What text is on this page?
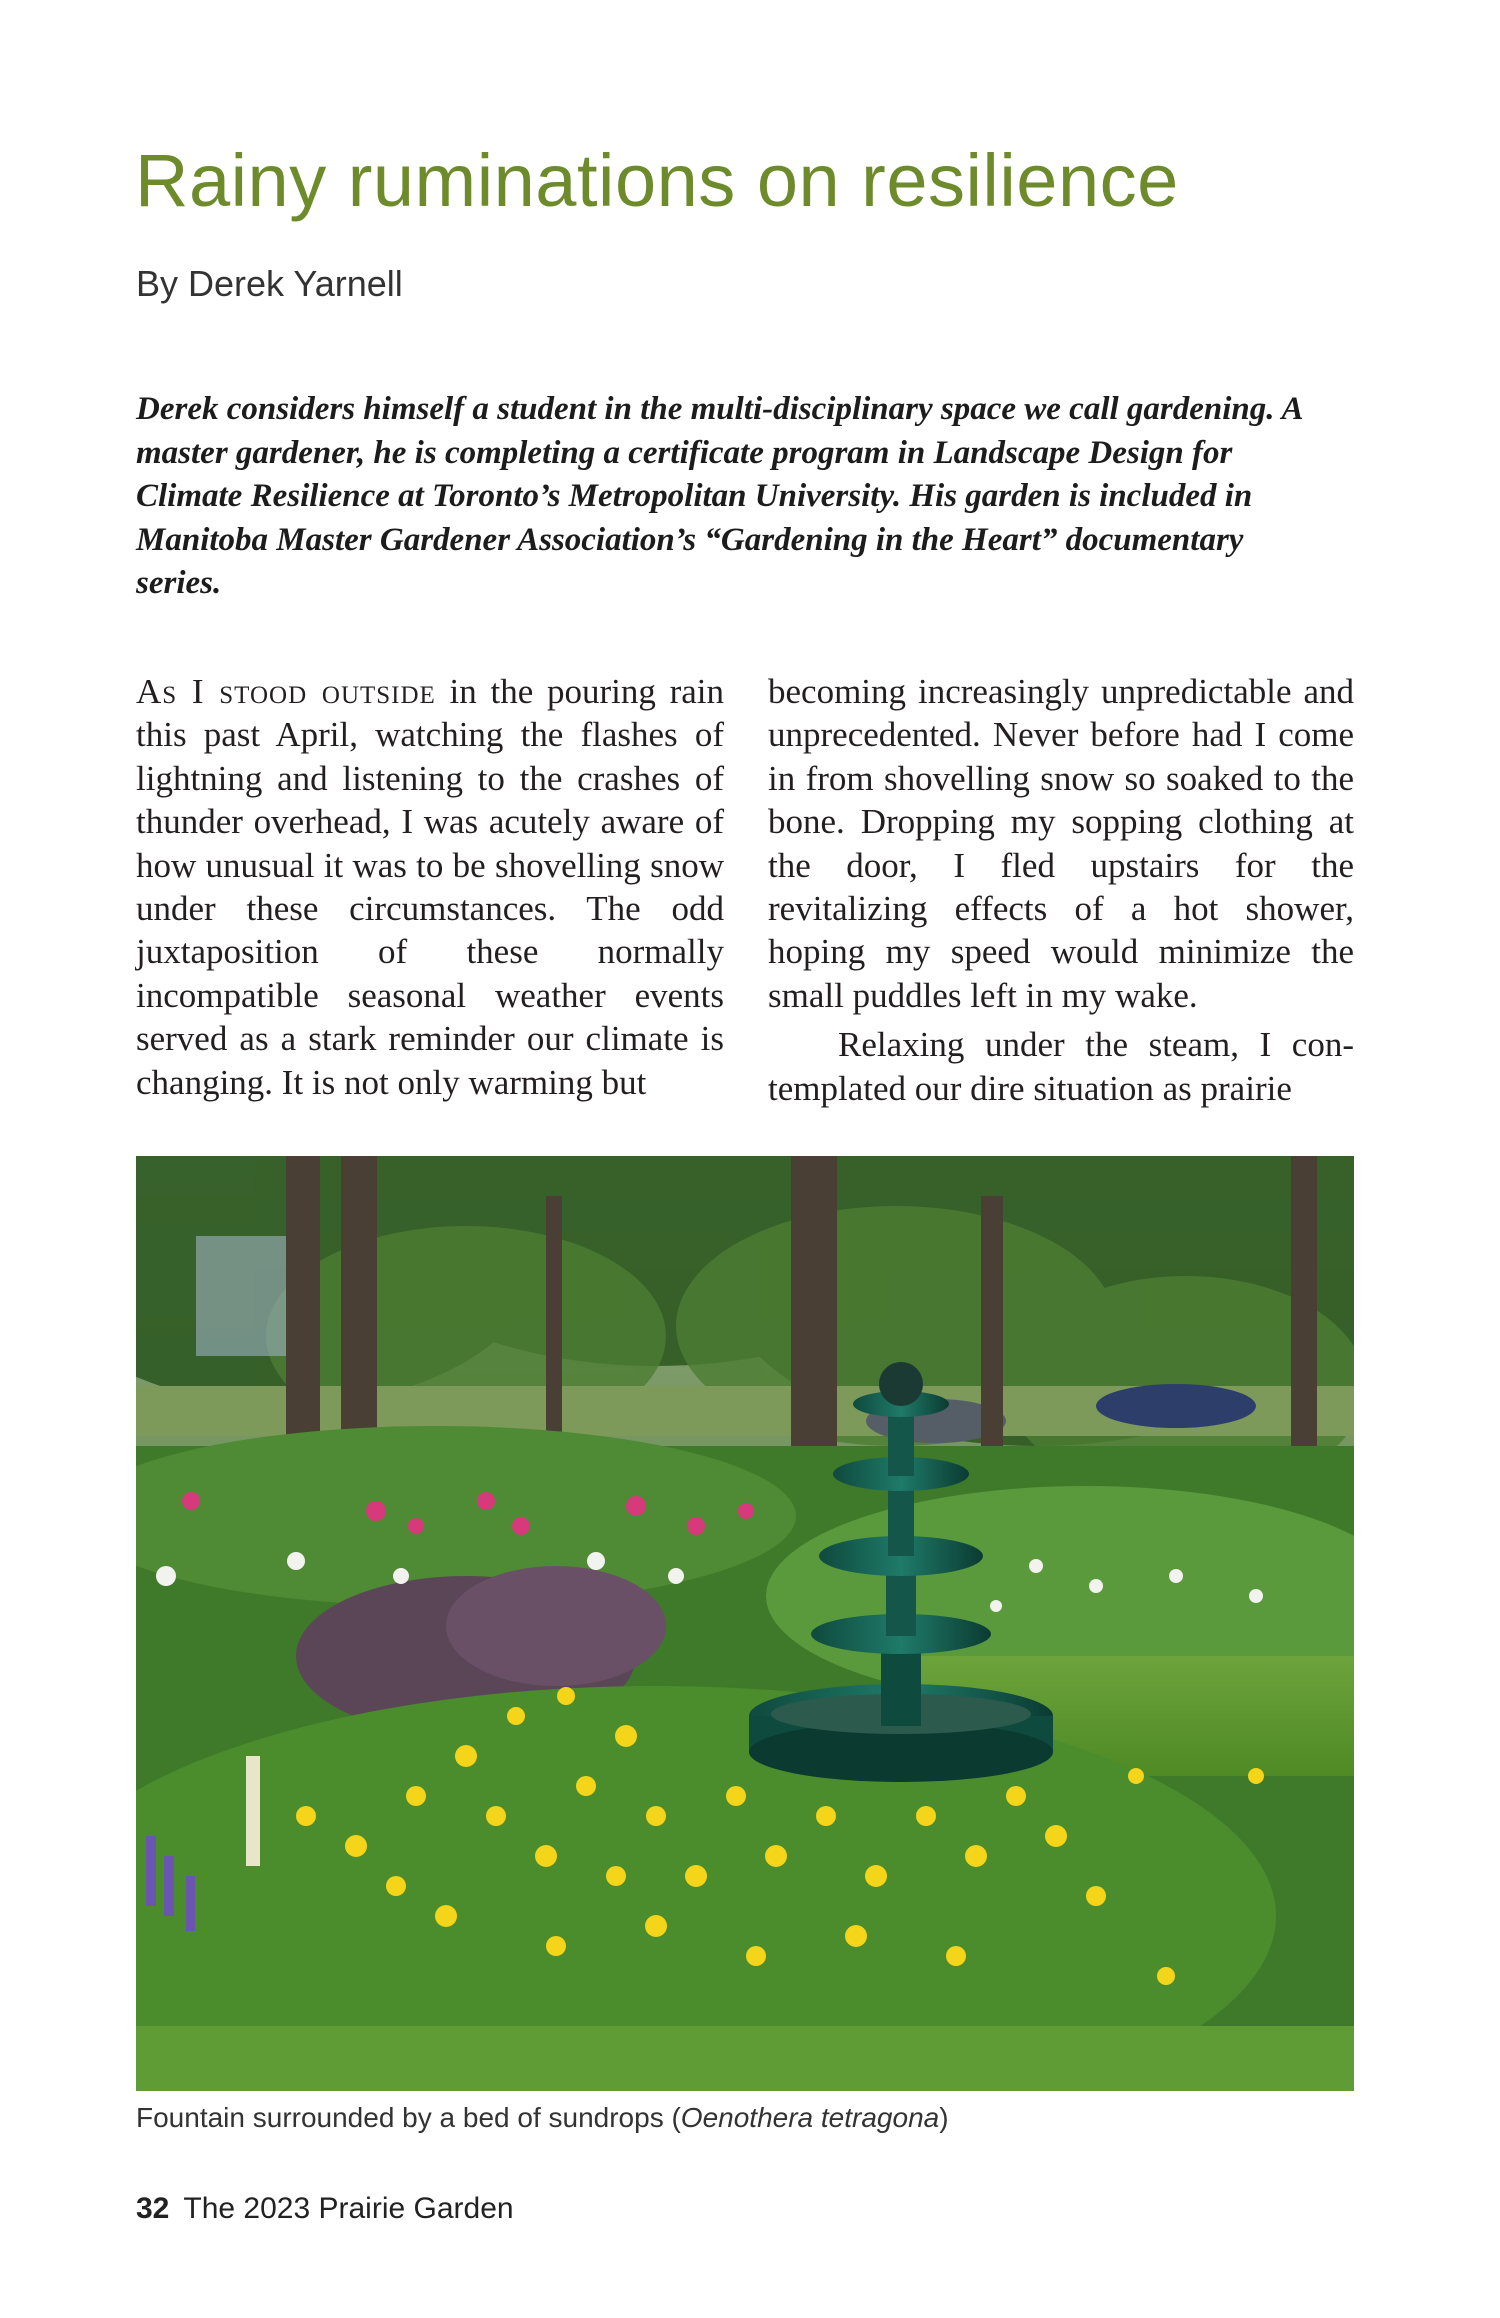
Rainy ruminations on resilience
By Derek Yarnell

Derek considers himself a student in the multi-disciplinary space we call gardening. A master gardener, he is completing a certificate program in Landscape Design for Climate Resilience at Toronto’s Metropolitan University. His garden is included in Manitoba Master Gardener Association’s “Gardening in the Heart” documentary series.

As I stood outside in the pouring rain this past April, watching the flashes of lightning and listening to the crashes of thunder overhead, I was acutely aware of how unusual it was to be shovelling snow under these circumstances. The odd juxtaposition of these normally incompatible seasonal weather events served as a stark reminder our climate is changing. It is not only warming but

becoming increasingly unpredictable and unprecedented. Never before had I come in from shovelling snow so soaked to the bone. Dropping my sopping clothing at the door, I fled upstairs for the revitalizing effects of a hot shower, hoping my speed would minimize the small puddles left in my wake.

Relaxing under the steam, I contemplated our dire situation as prairie

Fountain surrounded by a bed of sundrops (Oenothera tetragona)
32 The 2023 Prairie Garden
